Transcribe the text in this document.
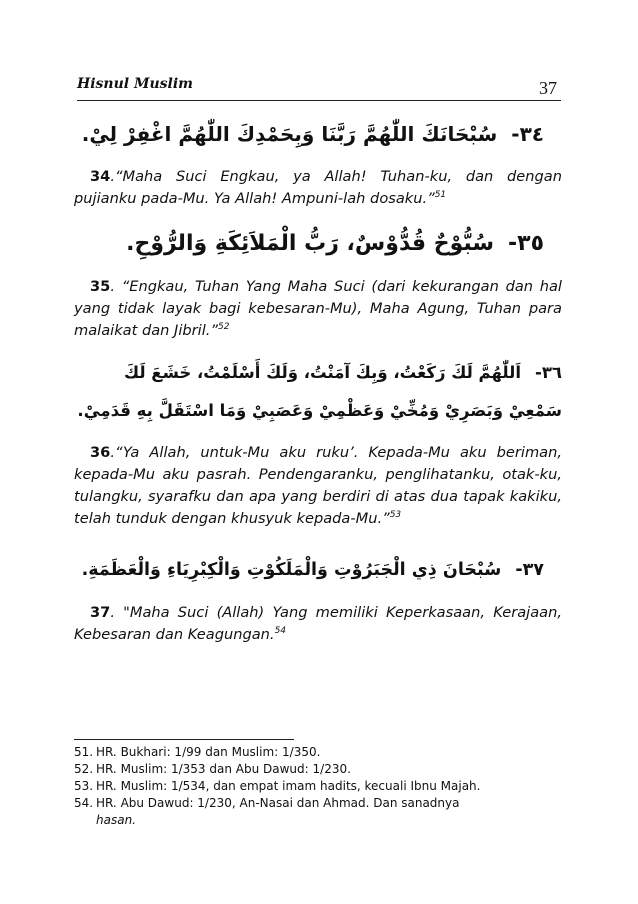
Hisnul Muslim	37
٣٤-سُبْحَانَكَ اللّٰهُمَّ رَبَّنَا وَبِحَمْدِكَ اللّٰهُمَّ اغْفِرْ لِيْ.

34.“Maha Suci Engkau, ya Allah! Tuhan-ku, dan dengan pujianku pada-Mu. Ya Allah! Ampuni-lah dosaku.”$^{51}$

٣٥-سُبُّوْحٌ قُدُّوْسٌ، رَبُّ الْمَلاَئِكَةِ وَالرُّوْحِ.

35. “Engkau, Tuhan Yang Maha Suci (dari kekurangan dan hal yang tidak layak bagi kebesaran-Mu), Maha Agung, Tuhan para malaikat dan Jibril.”$^{52}$

٣٦-اَللّٰهُمَّ لَكَ رَكَعْتُ، وَبِكَ آمَنْتُ، وَلَكَ أَسْلَمْتُ، خَشَعَ لَكَ
سَمْعِيْ وَبَصَرِيْ وَمُخِّيْ وَعَظْمِيْ وَعَصَبِيْ وَمَا اسْتَقَلَّ بِهِ قَدَمِيْ.

36.“Ya Allah, untuk-Mu aku ruku’. Kepada-Mu aku beriman, kepada-Mu aku pasrah. Pendengaranku, penglihatanku, otak-ku, tulangku, syarafku dan apa yang berdiri di atas dua tapak kakiku, telah tunduk dengan khusyuk kepada-Mu.”$^{53}$

٣٧-سُبْحَانَ ذِي الْجَبَرُوْتِ وَالْمَلَكُوْتِ وَالْكِبْرِيَاءِ وَالْعَظَمَةِ.

37. "Maha Suci (Allah) Yang memiliki Keperkasaan, Kerajaan, Kebesaran dan Keagungan.$^{54}$

51. HR. Bukhari: 1/99 dan Muslim: 1/350.
52. HR. Muslim: 1/353 dan Abu Dawud: 1/230.
53. HR. Muslim: 1/534, dan empat imam hadits, kecuali Ibnu Majah.
54. HR. Abu Dawud: 1/230, An-Nasai dan Ahmad. Dan sanadnya
hasan.
